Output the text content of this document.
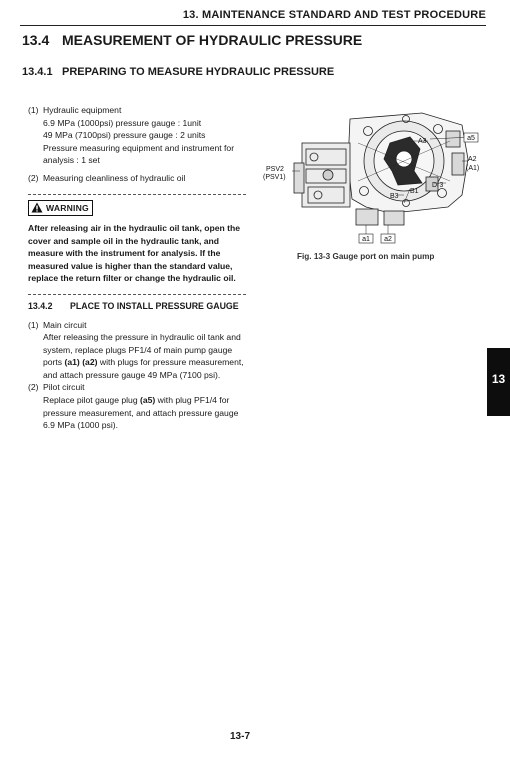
13. MAINTENANCE STANDARD AND TEST PROCEDURE
13.4 MEASUREMENT OF HYDRAULIC PRESSURE
13.4.1 PREPARING TO MEASURE HYDRAULIC PRESSURE
(1) Hydraulic equipment
6.9 MPa (1000psi) pressure gauge : 1unit
49 MPa (7100psi) pressure gauge : 2 units
Pressure measuring equipment and instrument for analysis : 1 set
(2) Measuring cleanliness of hydraulic oil
WARNING
After releasing air in the hydraulic oil tank, open the cover and sample oil in the hydraulic tank, and measure with the instrument for analysis. If the measured value is higher than the standard value, replace the return filter or change the hydraulic oil.
13.4.2 PLACE TO INSTALL PRESSURE GAUGE
(1) Main circuit
After releasing the pressure in hydraulic oil tank and system, replace plugs PF1/4 of main pump gauge ports (a1) (a2) with plugs for pressure measurement, and attach pressure gauge 49 MPa (7100 psi).
(2) Pilot circuit
Replace pilot gauge plug (a5) with plug PF1/4 for pressure measurement, and attach pressure gauge 6.9 MPa (1000 psi).
a5
A3
A2
(A1)
PSV2
(PSV1)
Dr3
B3
B1
a1 a2
Fig. 13-3 Gauge port on main pump
13
13-7
